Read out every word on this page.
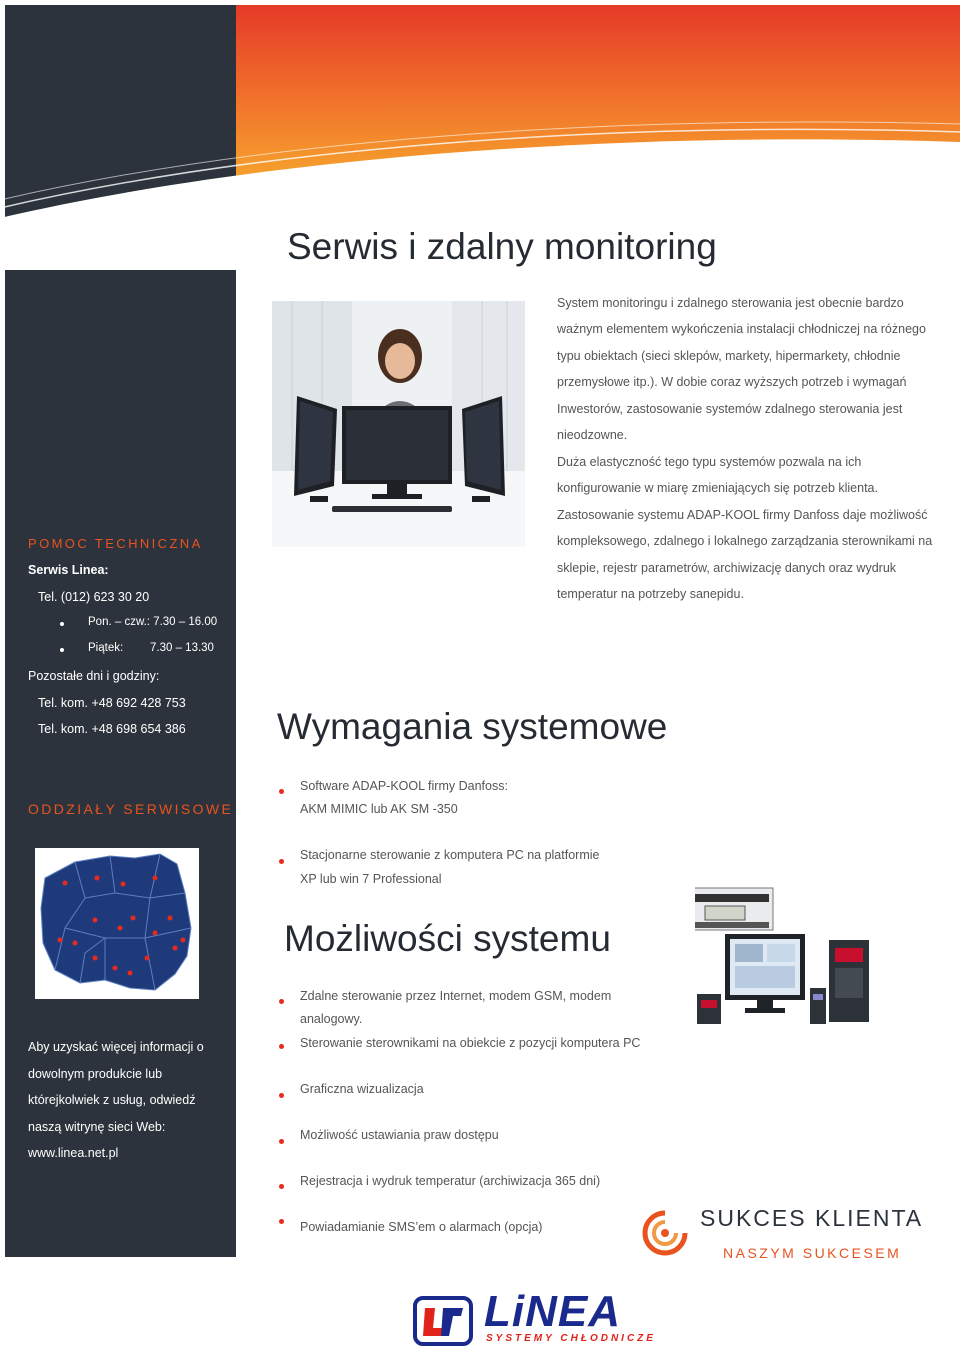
Serwis i zdalny monitoring
System monitoringu i zdalnego sterowania jest obecnie bardzo
ważnym elementem wykończenia instalacji chłodniczej na różnego
typu obiektach (sieci sklepów, markety, hipermarkety, chłodnie
przemysłowe itp.). W dobie coraz wyższych potrzeb i wymagań
Inwestorów, zastosowanie systemów zdalnego sterowania jest
nieodzowne.
Duża elastyczność tego typu systemów pozwala na ich
konfigurowanie w miarę zmieniających się potrzeb klienta.
Zastosowanie systemu ADAP-KOOL firmy Danfoss daje możliwość
kompleksowego, zdalnego i lokalnego zarządzania sterownikami na
sklepie, rejestr parametrów, archiwizację danych oraz wydruk
temperatur na potrzeby sanepidu.
POMOC TECHNICZNA
Serwis Linea:
Tel. (012) 623 30 20
Pon. – czw.: 7.30 – 16.00
Piątek: 7.30 – 13.30
Pozostałe dni i godziny:
Tel. kom. +48 692 428 753
Tel. kom. +48 698 654 386
ODDZIAŁY SERWISOWE
Aby uzyskać więcej informacji o
dowolnym produkcie lub
którejkolwiek z usług, odwiedź
naszą witrynę sieci Web:
www.linea.net.pl
Wymagania systemowe
Software ADAP-KOOL firmy Danfoss:
AKM MIMIC lub AK SM -350
Stacjonarne sterowanie z komputera PC na platformie
XP lub win 7 Professional
Możliwości systemu
Zdalne sterowanie przez Internet, modem GSM, modem
analogowy.
Sterowanie sterownikami na obiekcie z pozycji komputera PC
Graficzna wizualizacja
Możliwość ustawiania praw dostępu
Rejestracja i wydruk temperatur (archiwizacja 365 dni)
Powiadamianie SMS’em o alarmach (opcja)	SUKCES KLIENTA
NASZYM SUKCESEM
LiNEA
SYSTEMY CHŁODNICZE
